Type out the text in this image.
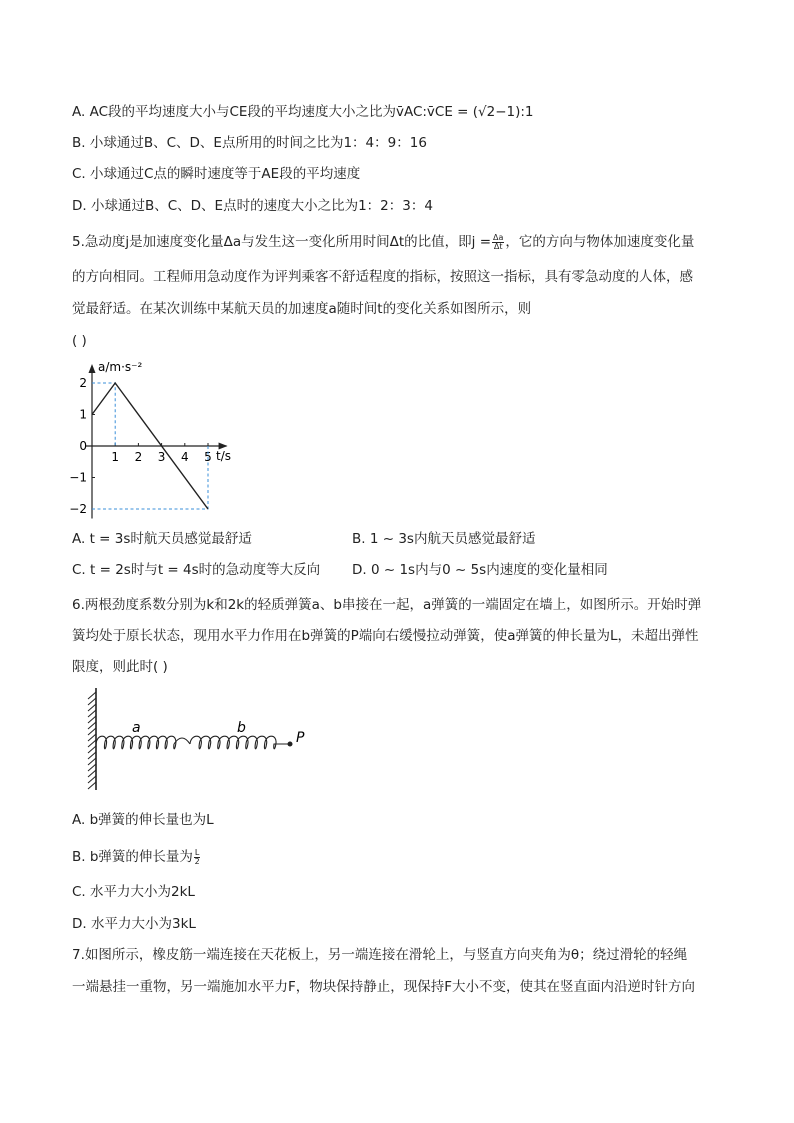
A. AC段的平均速度大小与CE段的平均速度大小之比为v̄AC:v̄CE = (√2−1):1
B. 小球通过B、C、D、E点所用的时间之比为1：4：9：16
C. 小球通过C点的瞬时速度等于AE段的平均速度
D. 小球通过B、C、D、E点时的速度大小之比为1：2：3：4
5.急动度j是加速度变化量Δa与发生这一变化所用时间Δt的比值，即$j = \frac{\Delta a}{\Delta t}$ ，它的方向与物体加速度变化量
的方向相同。工程师用急动度作为评判乘客不舒适程度的指标，按照这一指标，具有零急动度的人体，感
觉最舒适。在某次训练中某航天员的加速度a随时间t的变化关系如图所示，则
( )
a/m·s⁻²
t/s
1 2 3 4 5
2
1
0
−1
−2
A. t = 3s时航天员感觉最舒适	B. 1 ~ 3s内航天员感觉最舒适
C. t = 2s时与t = 4s时的急动度等大反向 D. 0 ~ 1s内与0 ~ 5s内速度的变化量相同
6.两根劲度系数分别为k和2k的轻质弹簧a、b串接在一起，a弹簧的一端固定在墙上，如图所示。开始时弹
簧均处于原长状态，现用水平力作用在b弹簧的P端向右缓慢拉动弹簧，使a弹簧的伸长量为L，未超出弹性
限度，则此时( )
a	b
P
A. b弹簧的伸长量也为L
B. b弹簧的伸长量为 $\frac{L}{2}$
C. 水平力大小为2kL
D. 水平力大小为3kL
7.如图所示，橡皮筋一端连接在天花板上，另一端连接在滑轮上，与竖直方向夹角为θ；绕过滑轮的轻绳
一端悬挂一重物，另一端施加水平力F，物块保持静止，现保持F大小不变，使其在竖直面内沿逆时针方向
